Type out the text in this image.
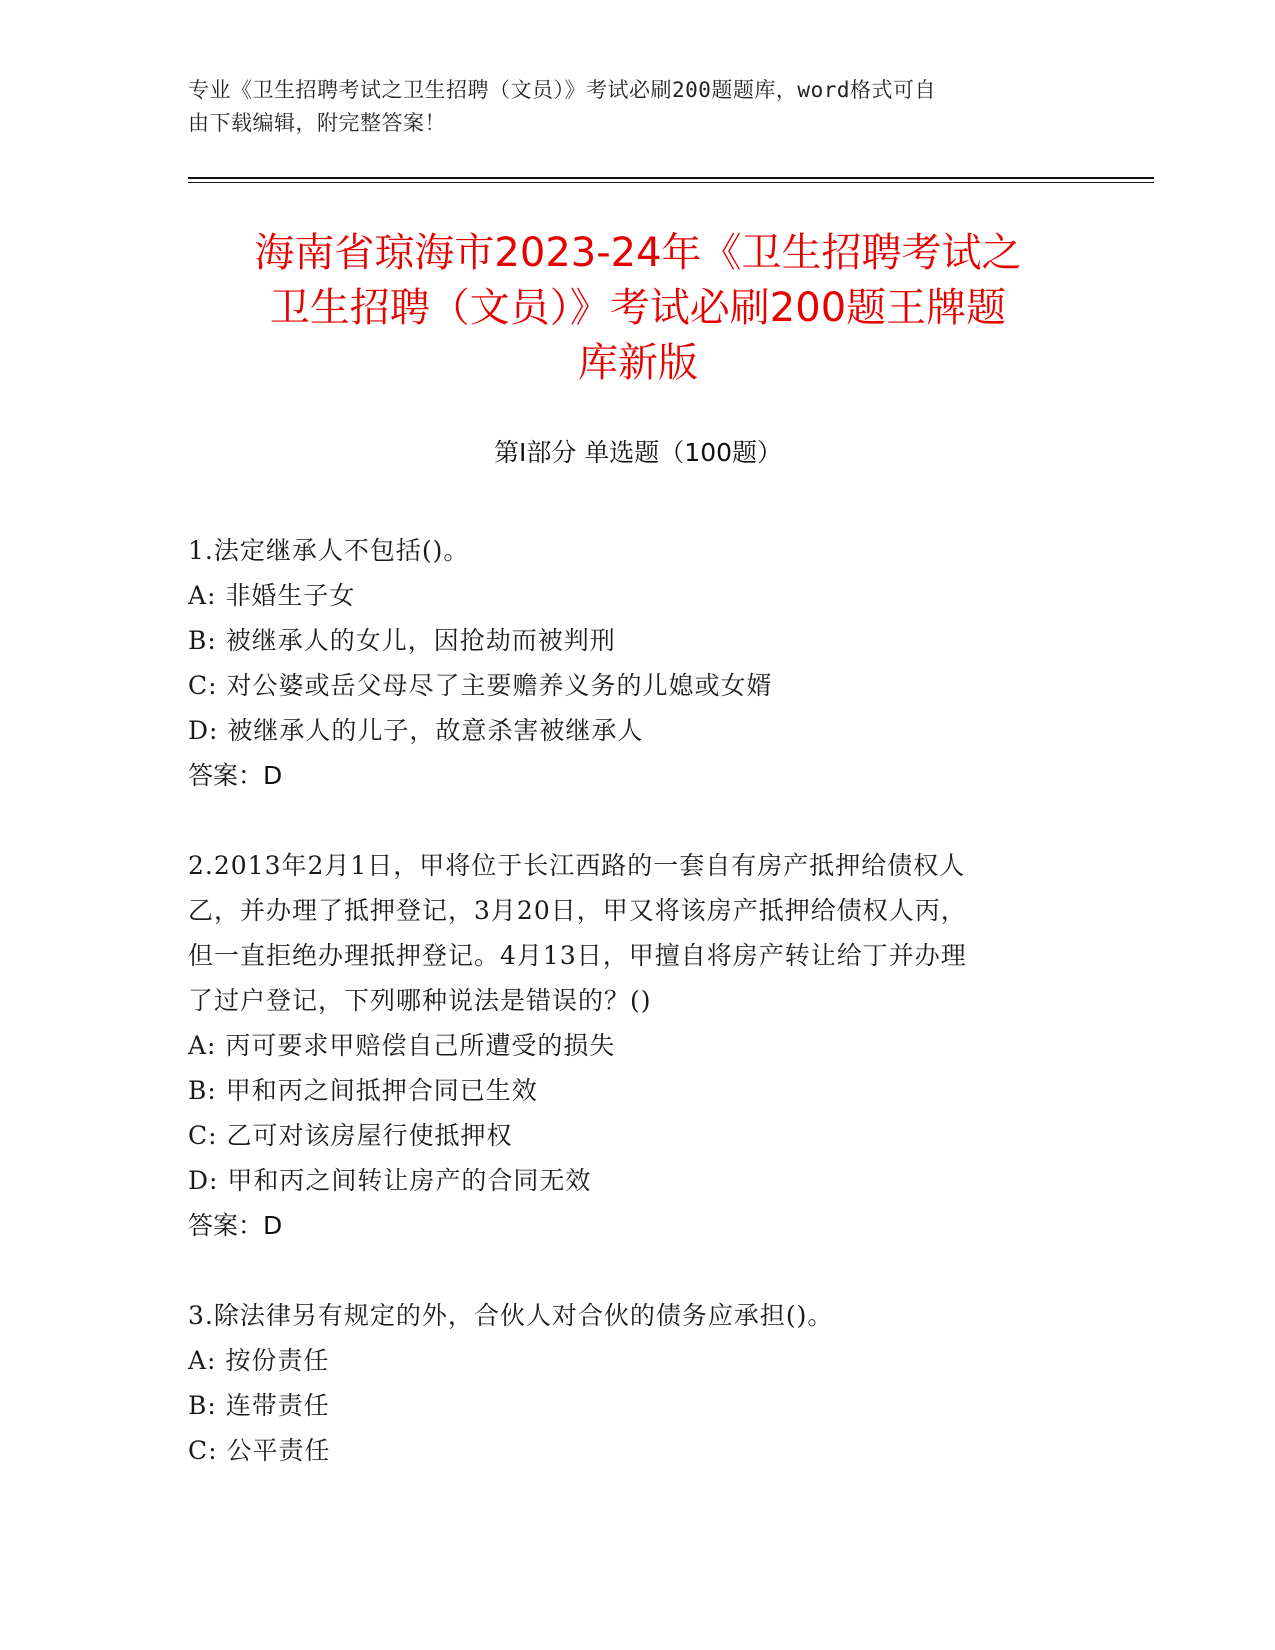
专业《卫生招聘考试之卫生招聘（文员）》考试必刷200题题库，word格式可自
由下载编辑，附完整答案！
海南省琼海市2023-24年《卫生招聘考试之
卫生招聘（文员）》考试必刷200题王牌题
库新版
第I部分 单选题（100题）
1.法定继承人不包括()。
A: 非婚生子女
B: 被继承人的女儿，因抢劫而被判刑
C: 对公婆或岳父母尽了主要赡养义务的儿媳或女婿
D: 被继承人的儿子，故意杀害被继承人
答案：D
2.2013年2月1日，甲将位于长江西路的一套自有房产抵押给债权人
乙，并办理了抵押登记，3月20日，甲又将该房产抵押给债权人丙，
但一直拒绝办理抵押登记。4月13日，甲擅自将房产转让给丁并办理
了过户登记，下列哪种说法是错误的？()
A: 丙可要求甲赔偿自己所遭受的损失
B: 甲和丙之间抵押合同已生效
C: 乙可对该房屋行使抵押权
D: 甲和丙之间转让房产的合同无效
答案：D
3.除法律另有规定的外，合伙人对合伙的债务应承担()。
A: 按份责任
B: 连带责任
C: 公平责任
